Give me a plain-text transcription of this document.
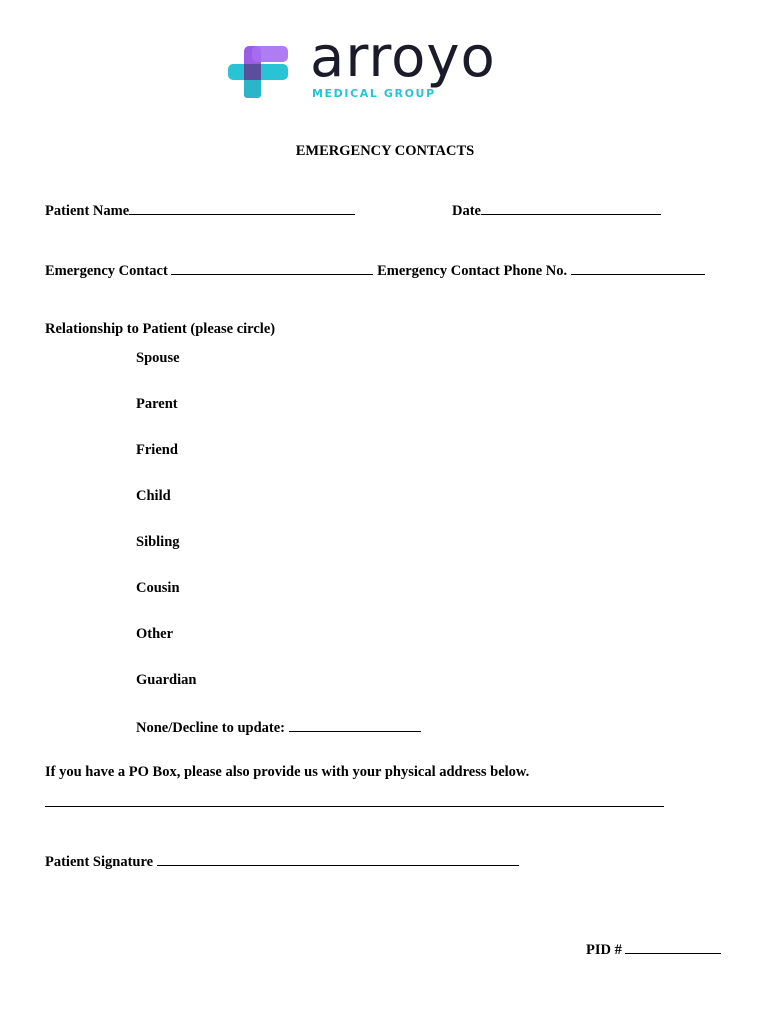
arroyo
MEDICAL GROUP
EMERGENCY CONTACTS
Patient Name	Date
Emergency Contact	Emergency Contact Phone No.
Relationship to Patient (please circle)
Spouse
Parent
Friend
Child
Sibling
Cousin
Other
Guardian
None/Decline to update:
If you have a PO Box, please also provide us with your physical address below.
Patient Signature
PID #
